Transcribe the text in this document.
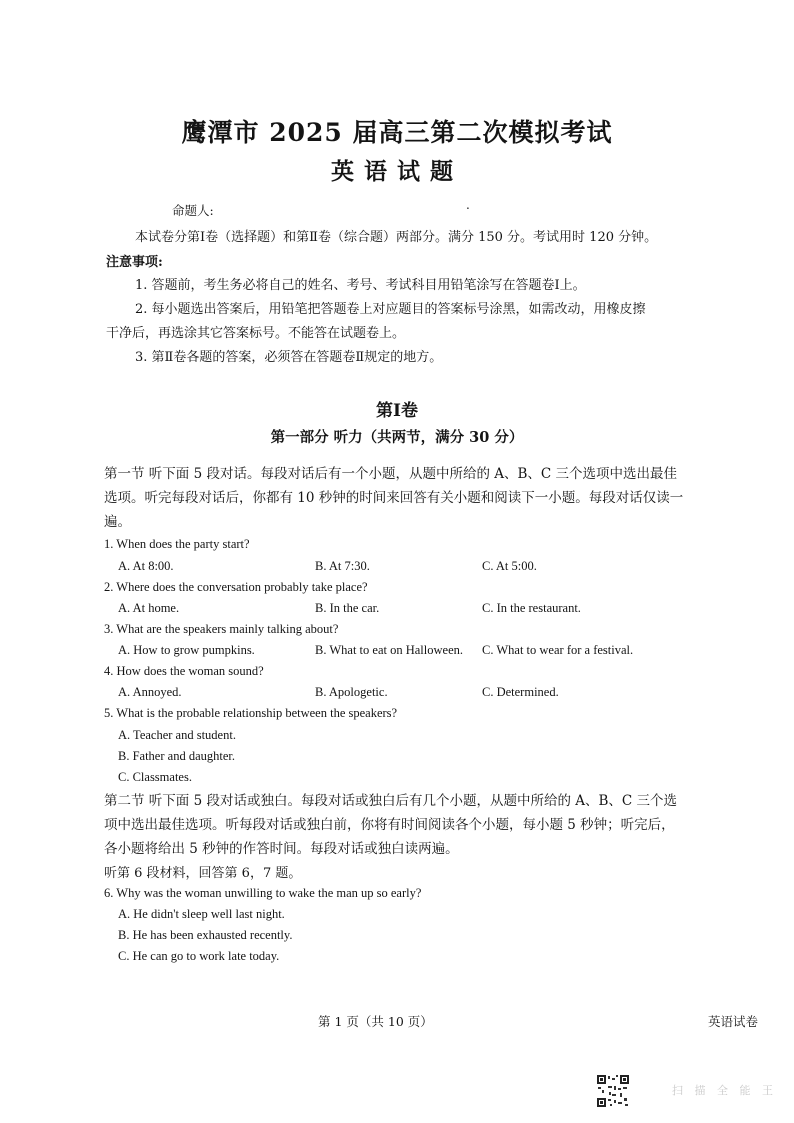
鹰潭市 2025 届高三第二次模拟考试
英语试题
命题人:	.
本试卷分第Ⅰ卷（选择题）和第Ⅱ卷（综合题）两部分。满分 150 分。考试用时 120 分钟。
注意事项:
1. 答题前，考生务必将自己的姓名、考号、考试科目用铅笔涂写在答题卷Ⅰ上。
2. 每小题选出答案后，用铅笔把答题卷上对应题目的答案标号涂黑，如需改动，用橡皮擦
干净后，再选涂其它答案标号。不能答在试题卷上。
3. 第Ⅱ卷各题的答案，必须答在答题卷Ⅱ规定的地方。
第Ⅰ卷
第一部分 听力（共两节，满分 30 分）
第一节 听下面 5 段对话。每段对话后有一个小题，从题中所给的 A、B、C 三个选项中选出最佳选项。听完每段对话后，你都有 10 秒钟的时间来回答有关小题和阅读下一小题。每段对话仅读一遍。
1. When does the party start?
A. At 8:00.	B. At 7:30.	C. At 5:00.
2. Where does the conversation probably take place?
A. At home.	B. In the car.	C. In the restaurant.
3. What are the speakers mainly talking about?
A. How to grow pumpkins.	B. What to eat on Halloween. C. What to wear for a festival.
4. How does the woman sound?
A. Annoyed.	B. Apologetic.	C. Determined.
5. What is the probable relationship between the speakers?
A. Teacher and student.
B. Father and daughter.
C. Classmates.
第二节 听下面 5 段对话或独白。每段对话或独白后有几个小题，从题中所给的 A、B、C 三个选项中选出最佳选项。听每段对话或独白前，你将有时间阅读各个小题，每小题 5 秒钟；听完后，各小题将给出 5 秒钟的作答时间。每段对话或独白读两遍。
听第 6 段材料，回答第 6，7 题。
6. Why was the woman unwilling to wake the man up so early?
A. He didn't sleep well last night.
B. He has been exhausted recently.
C. He can go to work late today.
第 1 页（共 10 页）	英语试卷
扫 描 全 能 王
